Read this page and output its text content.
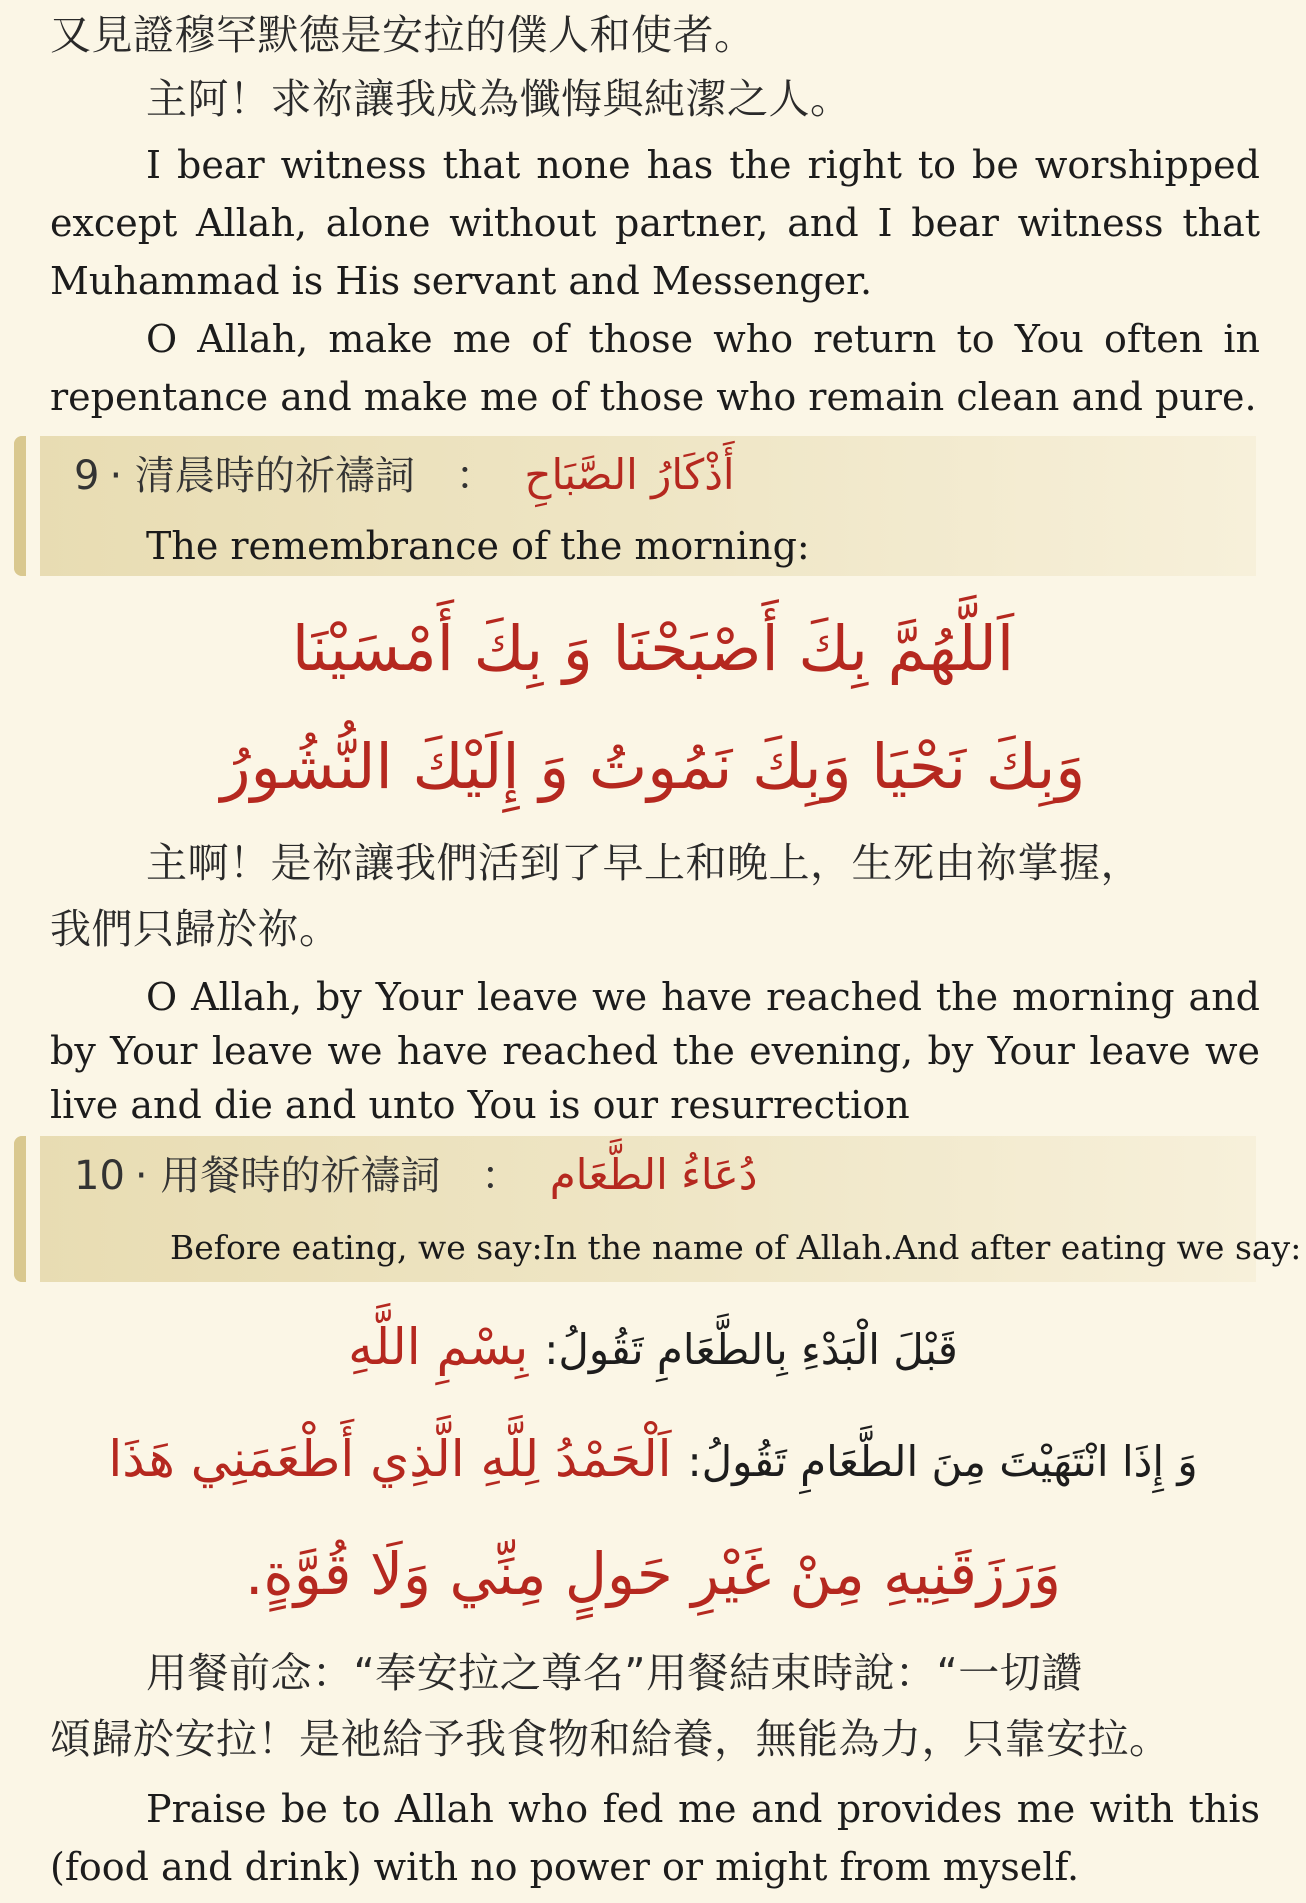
又見證穆罕默德是安拉的僕人和使者。

主阿！求祢讓我成為懺悔與純潔之人。

I bear witness that none has the right to be worshipped except Allah, alone without partner, and I bear witness that Muhammad is His servant and Messenger.

O Allah, make me of those who return to You often in repentance and make me of those who remain clean and pure.

9 · 清晨時的祈禱詞 ： أَذْكَارُ الصَّبَاحِ
The remembrance of the morning:
اَللَّهُمَّ بِكَ أَصْبَحْنَا وَ بِكَ أَمْسَيْنَا
وَبِكَ نَحْيَا وَبِكَ نَمُوتُ وَ إِلَيْكَ النُّشُورُ

主啊！是祢讓我們活到了早上和晚上，生死由祢掌握，

我們只歸於祢。

O Allah, by Your leave we have reached the morning and by Your leave we have reached the evening, by Your leave we live and die and unto You is our resurrection

10 · 用餐時的祈禱詞 ： دُعَاءُ الطَّعَام
Before eating, we say:In the name of Allah.And after eating we say:
قَبْلَ الْبَدْءِ بِالطَّعَامِ تَقُولُ: بِسْمِ اللَّهِ
وَ إِذَا انْتَهَيْتَ مِنَ الطَّعَامِ تَقُولُ: اَلْحَمْدُ لِلَّهِ الَّذِي أَطْعَمَنِي هَذَا
وَرَزَقَنِيهِ مِنْ غَيْرِ حَولٍ مِنِّي وَلَا قُوَّةٍ.

用餐前念：“奉安拉之尊名”用餐結束時說：“一切讚

頌歸於安拉！是祂給予我食物和給養，無能為力，只靠安拉。

Praise be to Allah who fed me and provides me with this (food and drink) with no power or might from myself.
